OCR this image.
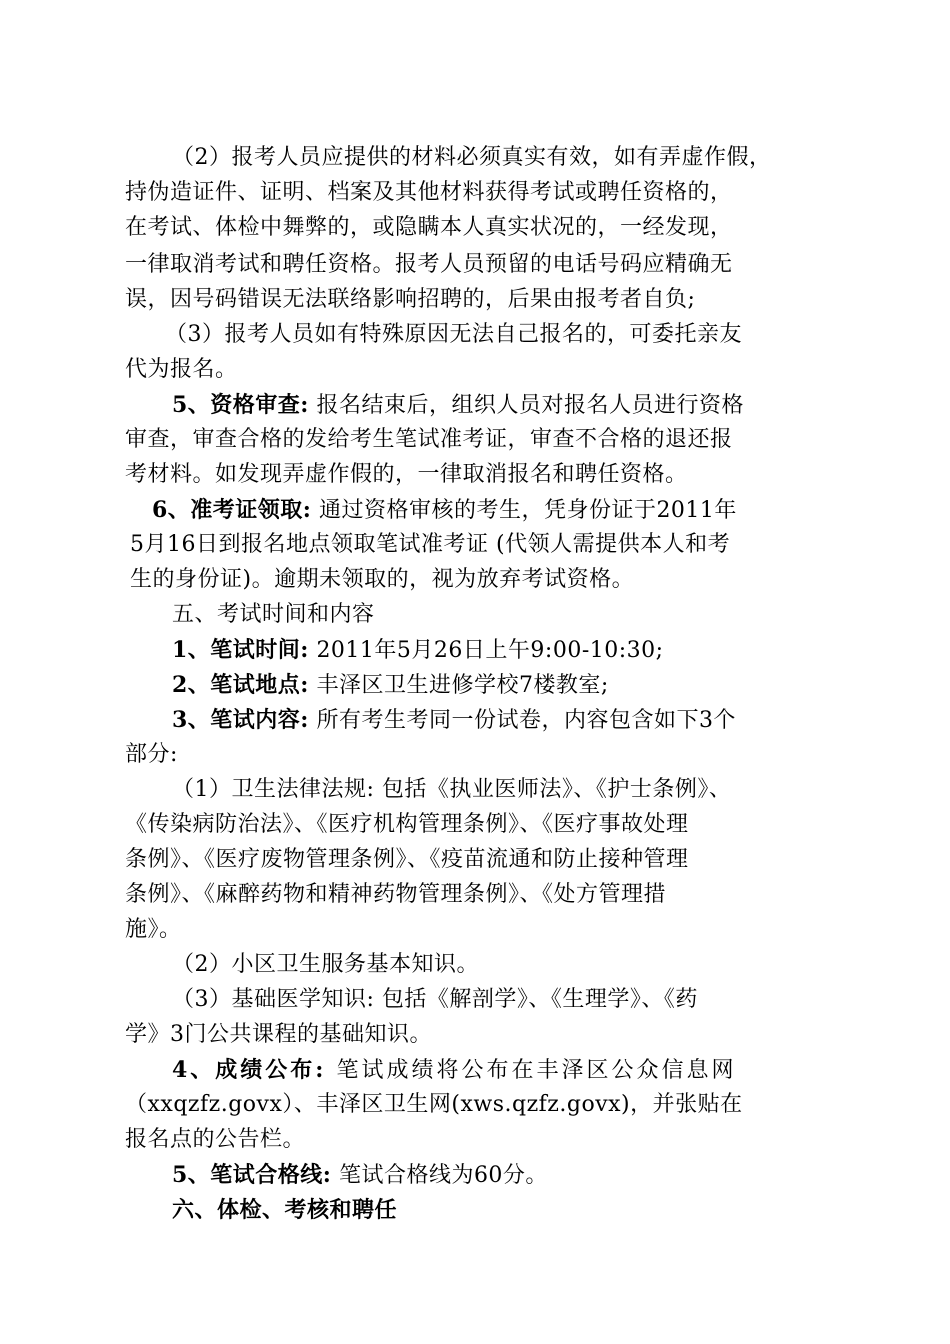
（2）报考人员应提供的材料必须真实有效，如有弄虚作假，
持伪造证件、证明、档案及其他材料获得考试或聘任资格的，
在考试、体检中舞弊的，或隐瞒本人真实状况的，一经发现，
一律取消考试和聘任资格。报考人员预留的电话号码应精确无
误，因号码错误无法联络影响招聘的，后果由报考者自负;
（3）报考人员如有特殊原因无法自己报名的，可委托亲友
代为报名。
5、资格审查: 报名结束后，组织人员对报名人员进行资格
审查，审查合格的发给考生笔试准考证，审查不合格的退还报
考材料。如发现弄虚作假的，一律取消报名和聘任资格。
6、准考证领取: 通过资格审核的考生，凭身份证于2011年
5月16日到报名地点领取笔试准考证 (代领人需提供本人和考
生的身份证)。逾期未领取的，视为放弃考试资格。
五、考试时间和内容
1、笔试时间: 2011年5月26日上午9:00-10:30;
2、笔试地点: 丰泽区卫生进修学校7楼教室;
3、笔试内容: 所有考生考同一份试卷，内容包含如下3个
部分:
（1）卫生法律法规: 包括《执业医师法》、《护士条例》、
《传染病防治法》、《医疗机构管理条例》、《医疗事故处理
条例》、《医疗废物管理条例》、《疫苗流通和防止接种管理
条例》、《麻醉药物和精神药物管理条例》、《处方管理措
施》。
（2）小区卫生服务基本知识。
（3）基础医学知识: 包括《解剖学》、《生理学》、《药
学》3门公共课程的基础知识。
4、成绩公布: 笔试成绩将公布在丰泽区公众信息网
（xxqzfz.govx）、丰泽区卫生网(xws.qzfz.govx)，并张贴在
报名点的公告栏。
5、笔试合格线: 笔试合格线为60分。
六、体检、考核和聘任
